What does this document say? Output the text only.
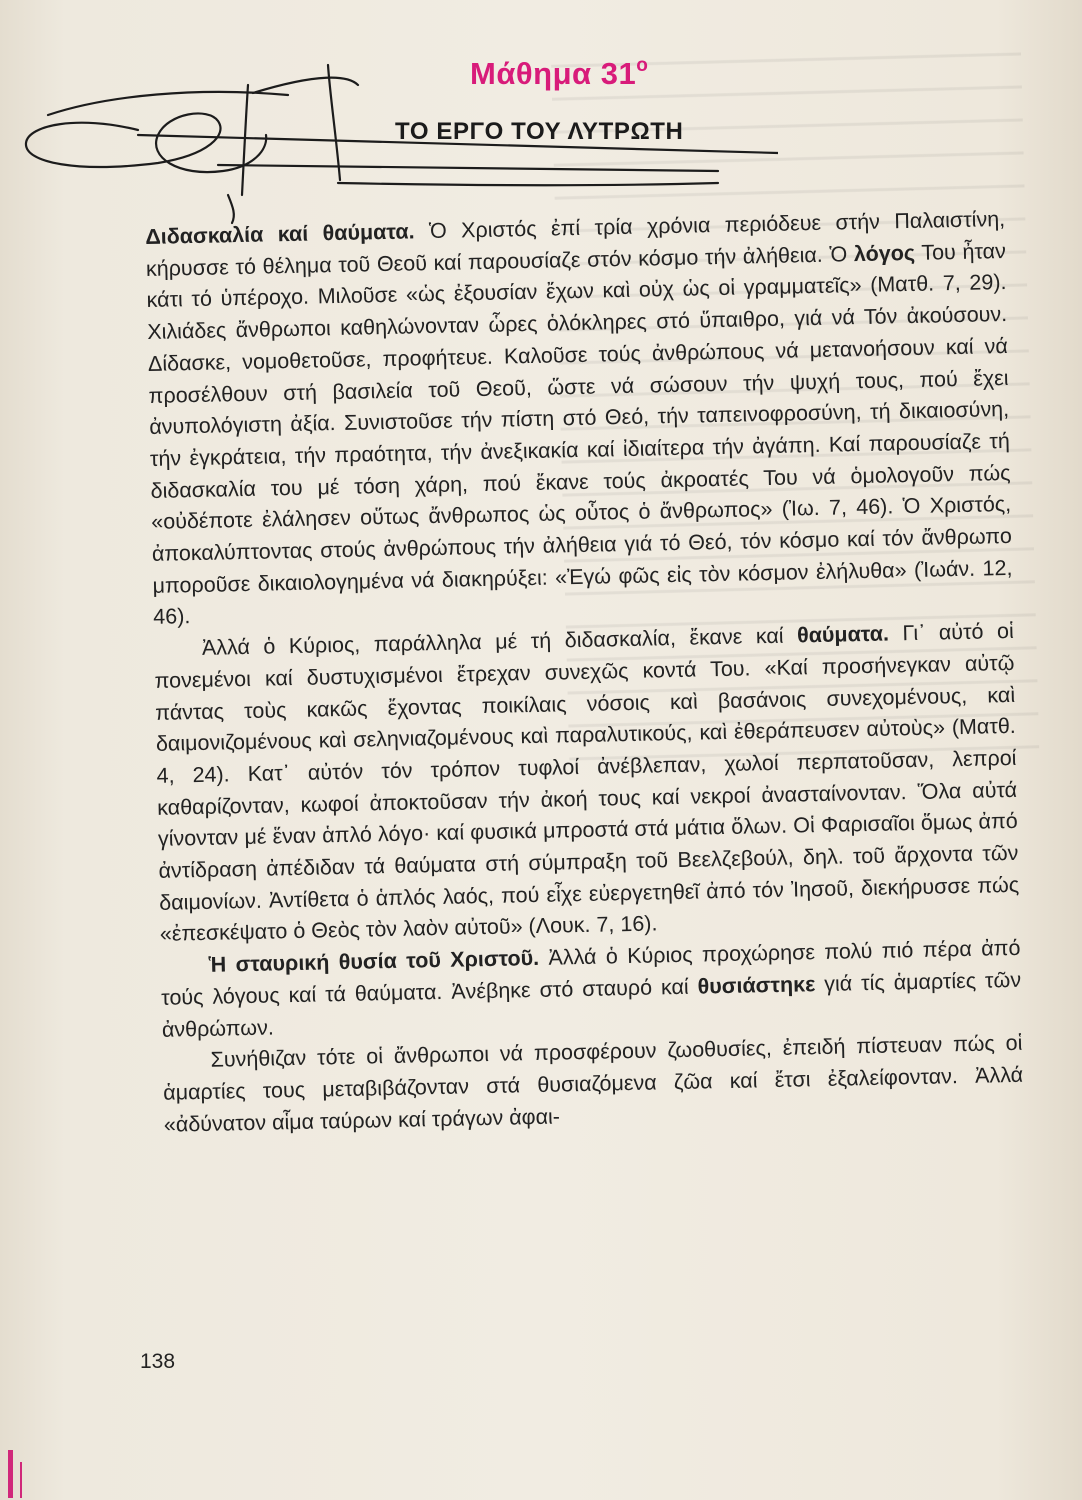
Μάθημα $31^o$
ΤΟ ΕΡΓΟ ΤΟΥ ΛΥΤΡΩΤΗ

Διδασκαλία καί θαύματα. Ὁ Χριστός ἐπί τρία χρόνια περιόδευε στήν Παλαιστίνη, κήρυσσε τό θέλημα τοῦ Θεοῦ καί παρουσίαζε στόν κόσμο τήν ἀλήθεια. Ὁ λόγος Του ἦταν κάτι τό ὑπέροχο. Μιλοῦσε «ὡς ἐξουσίαν ἔχων καὶ οὐχ ὡς οἱ γραμματεῖς» (Ματθ. 7, 29). Χιλιάδες ἄνθρωποι καθηλώνονταν ὧρες ὁλόκληρες στό ὕπαιθρο, γιά νά Τόν ἀκούσουν. Δίδασκε, νομοθετοῦσε, προφήτευε. Καλοῦσε τούς ἀνθρώπους νά μετανοήσουν καί νά προσέλθουν στή βασιλεία τοῦ Θεοῦ, ὥστε νά σώσουν τήν ψυχή τους, πού ἔχει ἀνυπολόγιστη ἀξία. Συνιστοῦσε τήν πίστη στό Θεό, τήν ταπεινοφροσύνη, τή δικαιοσύνη, τήν ἐγκράτεια, τήν πραότητα, τήν ἀνεξικακία καί ἰδιαίτερα τήν ἀγάπη. Καί παρουσίαζε τή διδασκαλία του μέ τόση χάρη, πού ἔκανε τούς ἀκροατές Του νά ὁμολογοῦν πώς «οὐδέποτε ἐλάλησεν οὕτως ἄνθρωπος ὡς οὗτος ὁ ἄνθρωπος» (Ἰω. 7, 46). Ὁ Χριστός, ἀποκαλύπτοντας στούς ἀνθρώπους τήν ἀλήθεια γιά τό Θεό, τόν κόσμο καί τόν ἄνθρωπο μποροῦσε δικαιολογημένα νά διακηρύξει: «Ἐγώ φῶς εἰς τὸν κόσμον ἐλήλυθα» (Ἰωάν. 12, 46).

Ἀλλά ὁ Κύριος, παράλληλα μέ τή διδασκαλία, ἔκανε καί θαύματα. Γι᾽ αὐτό οἱ πονεμένοι καί δυστυχισμένοι ἔτρεχαν συνεχῶς κοντά Του. «Καί προσήνεγκαν αὐτῷ πάντας τοὺς κακῶς ἔχοντας ποικίλαις νόσοις καὶ βασάνοις συνεχομένους, καὶ δαιμονιζομένους καὶ σεληνιαζομένους καὶ παραλυτικούς, καὶ ἐθεράπευσεν αὐτοὺς» (Ματθ. 4, 24). Κατ᾽ αὐτόν τόν τρόπον τυφλοί ἀνέβλεπαν, χωλοί περπατοῦσαν, λεπροί καθαρίζονταν, κωφοί ἀποκτοῦσαν τήν ἀκοή τους καί νεκροί ἀνασταίνονταν. Ὅλα αὐτά γίνονταν μέ ἕναν ἁπλό λόγο· καί φυσικά μπροστά στά μάτια ὅλων. Οἱ Φαρισαῖοι ὅμως ἀπό ἀντίδραση ἀπέδιδαν τά θαύματα στή σύμπραξη τοῦ Βεελζεβούλ, δηλ. τοῦ ἄρχοντα τῶν δαιμονίων. Ἀντίθετα ὁ ἁπλός λαός, πού εἶχε εὐεργετηθεῖ ἀπό τόν Ἰησοῦ, διεκήρυσσε πώς «ἐπεσκέψατο ὁ Θεὸς τὸν λαὸν αὐτοῦ» (Λουκ. 7, 16).

Ἡ σταυρική θυσία τοῦ Χριστοῦ. Ἀλλά ὁ Κύριος προχώρησε πολύ πιό πέρα ἀπό τούς λόγους καί τά θαύματα. Ἀνέβηκε στό σταυρό καί θυσιάστηκε γιά τίς ἁμαρτίες τῶν ἀνθρώπων.

Συνήθιζαν τότε οἱ ἄνθρωποι νά προσφέρουν ζωοθυσίες, ἐπειδή πίστευαν πώς οἱ ἁμαρτίες τους μεταβιβάζονταν στά θυσιαζόμενα ζῶα καί ἔτσι ἐξαλείφονταν. Ἀλλά «ἀδύνατον αἷμα ταύρων καί τράγων ἀφαι-

138
